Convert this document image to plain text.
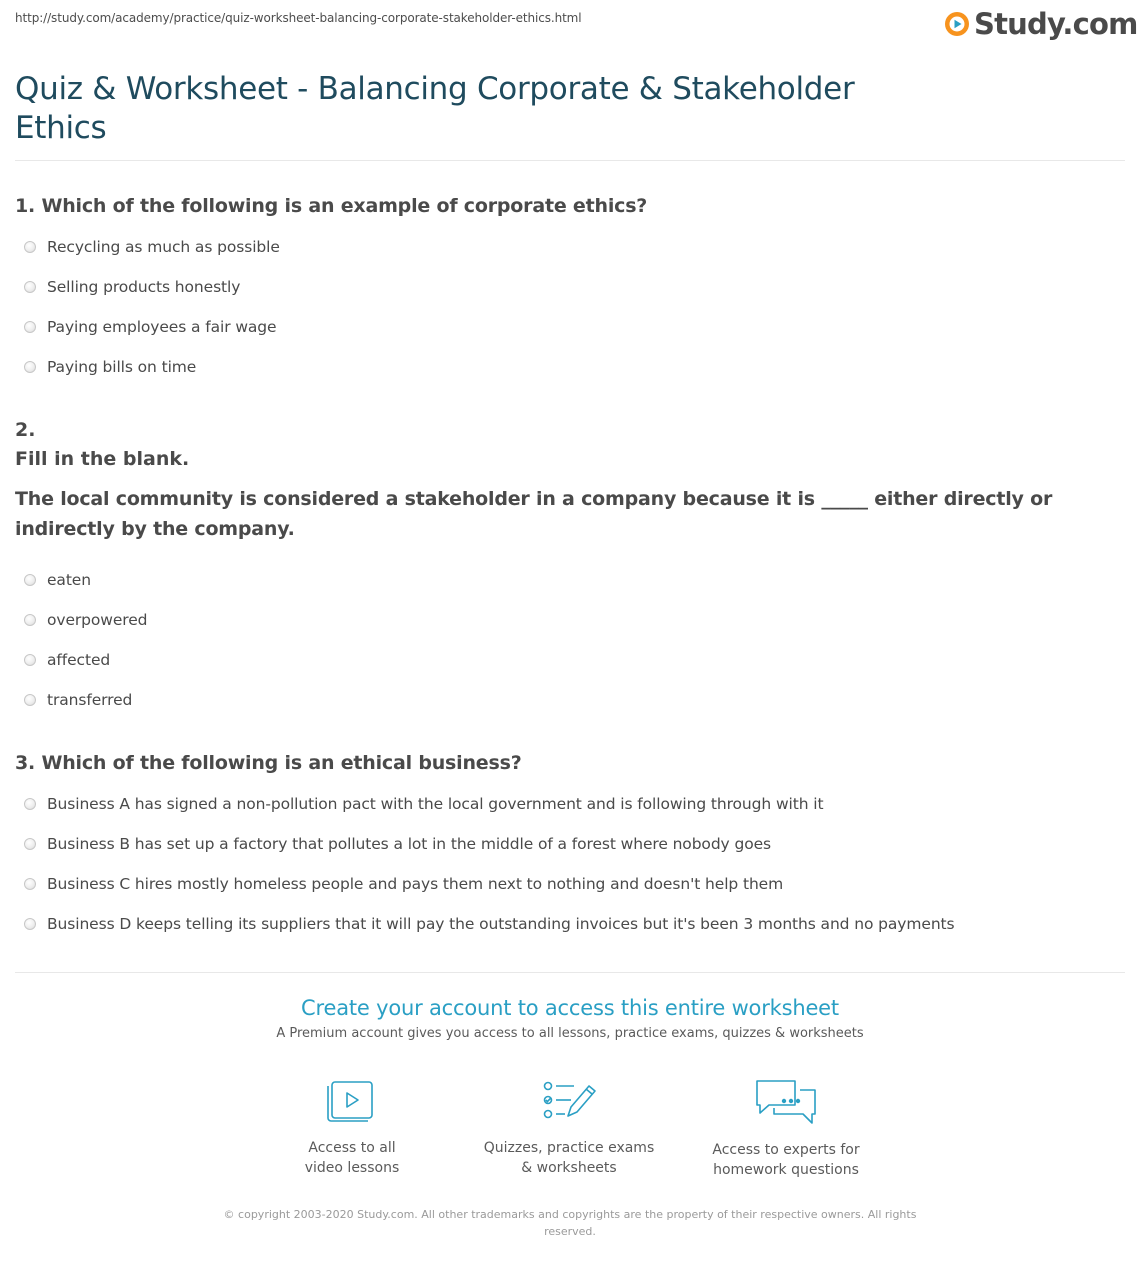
http://study.com/academy/practice/quiz-worksheet-balancing-corporate-stakeholder-ethics.html	Study.com
Quiz & Worksheet - Balancing Corporate & Stakeholder Ethics
1. Which of the following is an example of corporate ethics?
Recycling as much as possible
Selling products honestly
Paying employees a fair wage
Paying bills on time
2.
Fill in the blank.
The local community is considered a stakeholder in a company because it is _____ either directly or indirectly by the company.
eaten
overpowered
affected
transferred
3. Which of the following is an ethical business?
Business A has signed a non-pollution pact with the local government and is following through with it
Business B has set up a factory that pollutes a lot in the middle of a forest where nobody goes
Business C hires mostly homeless people and pays them next to nothing and doesn't help them
Business D keeps telling its suppliers that it will pay the outstanding invoices but it's been 3 months and no payments
Create your account to access this entire worksheet
A Premium account gives you access to all lessons, practice exams, quizzes & worksheets
Access to all
video lessons
Quizzes, practice exams
& worksheets
Access to experts for
homework questions
© copyright 2003-2020 Study.com. All other trademarks and copyrights are the property of their respective owners. All rights
reserved.
